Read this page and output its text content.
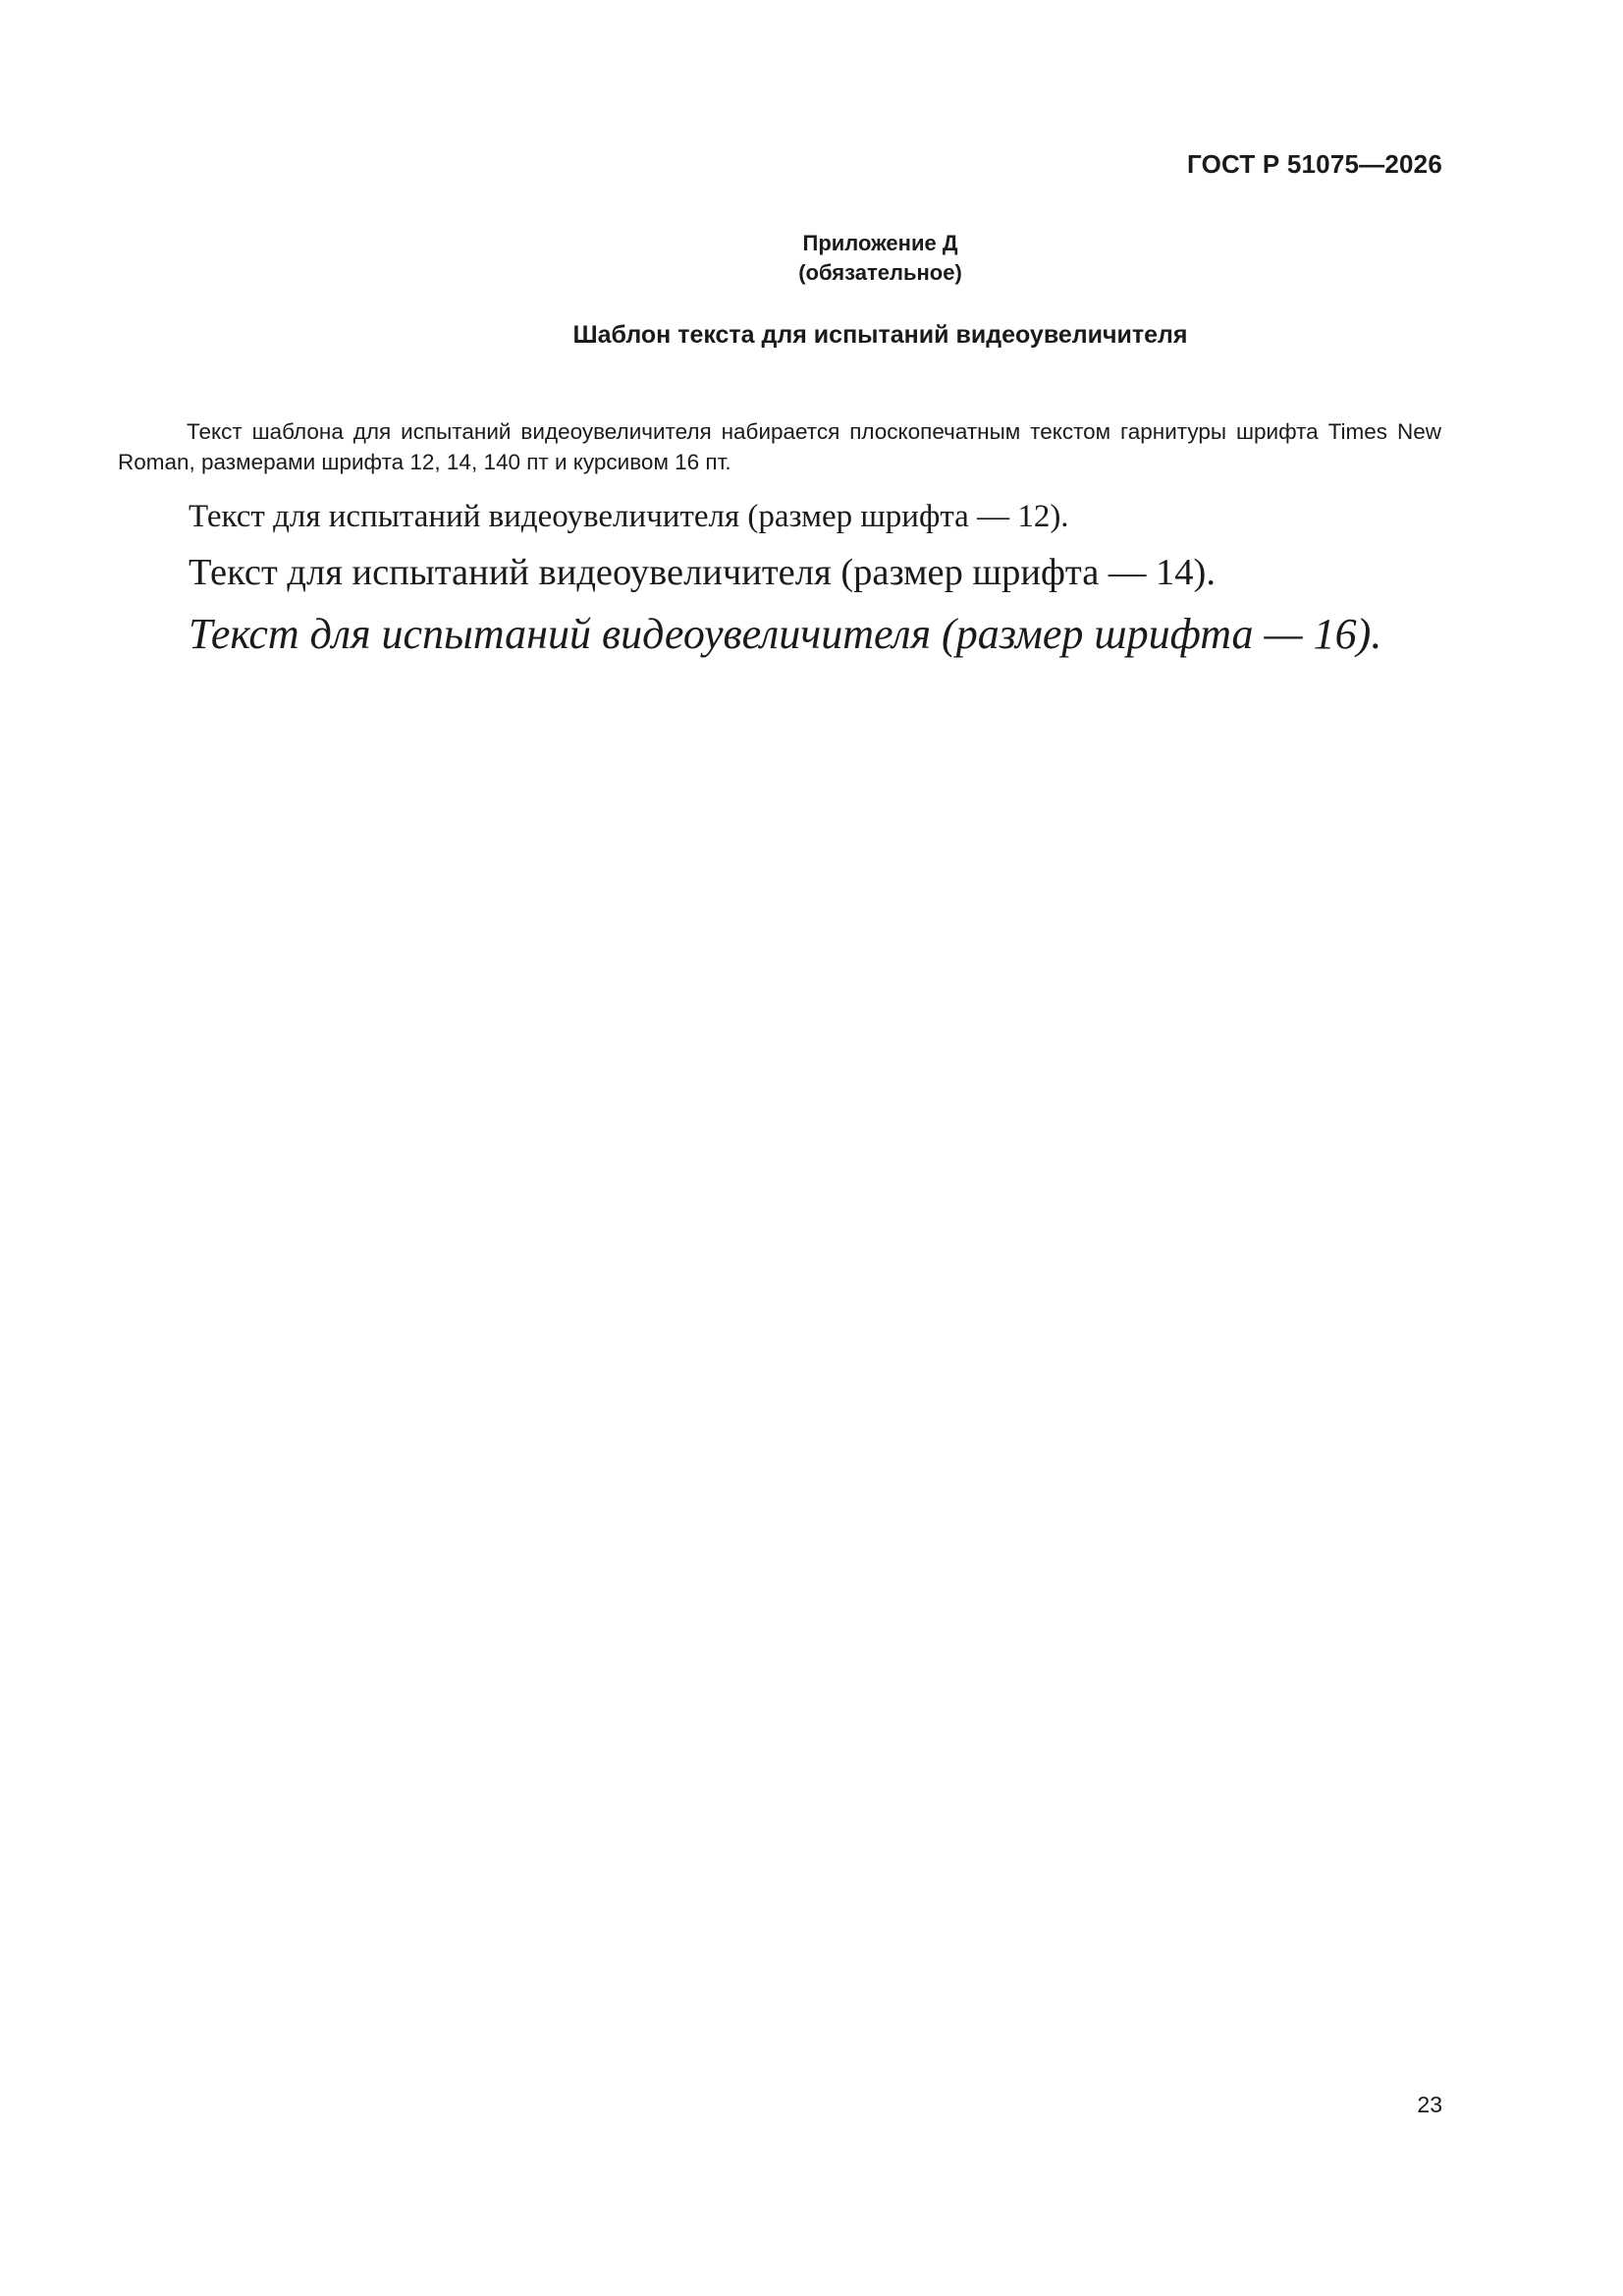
ГОСТ Р 51075—2026
Приложение Д
(обязательное)
Шаблон текста для испытаний видеоувеличителя

Текст шаблона для испытаний видеоувеличителя набирается плоскопечатным текстом гарнитуры шрифта Times New Roman, размерами шрифта 12, 14, 140 пт и курсивом 16 пт.

Текст для испытаний видеоувеличителя (размер шрифта — 12).
Текст для испытаний видеоувеличителя (размер шрифта — 14).
Текст для испытаний видеоувеличителя (размер шрифта — 16).
23
